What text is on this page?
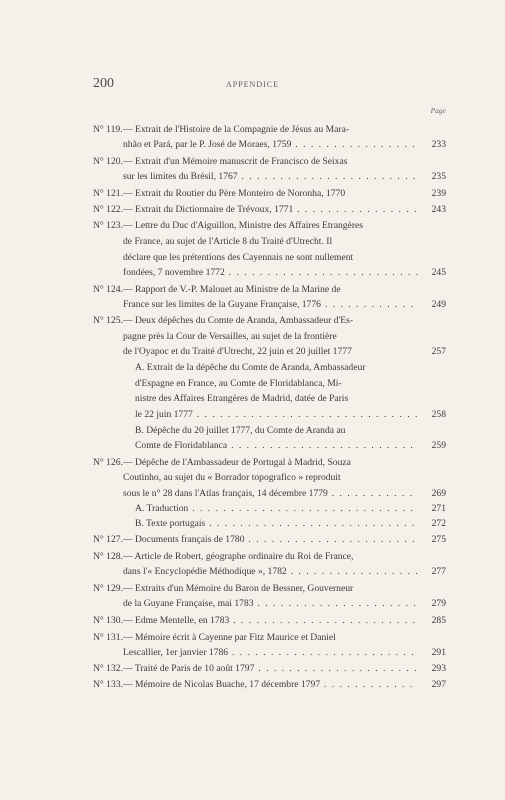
200	APPENDICE
Page
N° 119. — Extrait de l'Histoire de la Compagnie de Jésus au Mara-
nhão et Pará, par le P. José de Moraes, 1759 . . .	233
N° 120. — Extrait d'un Mémoire manuscrit de Francisco de Seixas
sur les limites du Brésil, 1767 . . .	235
N° 121. — Extrait du Routier du Père Monteiro de Noronha, 1770	239
N° 122. — Extrait du Dictionnaire de Trévoux, 1771 . . .	243
N° 123. — Lettre du Duc d'Aiguillon, Ministre des Affaires Etrangères
de France, au sujet de l'Article 8 du Traité d'Utrecht. Il
déclare que les prétentions des Cayennais ne sont nullement
fondées, 7 novembre 1772 . . .	245
N° 124. — Rapport de V.-P. Malouet au Ministre de la Marine de
France sur les limites de la Guyane Française, 1776 . . .	249
N° 125. — Deux dépêches du Comte de Aranda, Ambassadeur d'Es-
pagne près la Cour de Versailles, au sujet de la frontière
de l'Oyapoc et du Traité d'Utrecht, 22 juin et 20 juillet 1777	257
A. Extrait de la dépêche du Comte de Aranda, Ambassadeur
d'Espagne en France, au Comte de Floridablanca, Mi-
nistre des Affaires Etrangères de Madrid, datée de Paris
le 22 juin 1777 . . .	258
B. Dépêche du 20 juillet 1777, du Comte de Aranda au
Comte de Floridablanca . . .	259
N° 126. — Dépêche de l'Ambassadeur de Portugal à Madrid, Souza
Coutinho, au sujet du « Borrador topografico » reproduit
sous le n° 28 dans l'Atlas français, 14 décembre 1779 . . .	269
A. Traduction . . .	271
B. Texte portugais . . .	272
N° 127. — Documents français de 1780 . . .	275
N° 128. — Article de Robert, géographe ordinaire du Roi de France,
dans l'« Encyclopédie Méthodique », 1782 . . .	277
N° 129. — Extraits d'un Mémoire du Baron de Bessner, Gouverneur
de la Guyane Française, mai 1783 . . .	279
N° 130. — Edme Mentelle, en 1783 . . .	285
N° 131. — Mémoire écrit à Cayenne par Fitz Maurice et Daniel
Lescallier, 1er janvier 1786 . . .	291
N° 132. — Traité de Paris de 10 août 1797 . . .	293
N° 133. — Mémoire de Nicolas Buache, 17 décembre 1797 . . .	297
